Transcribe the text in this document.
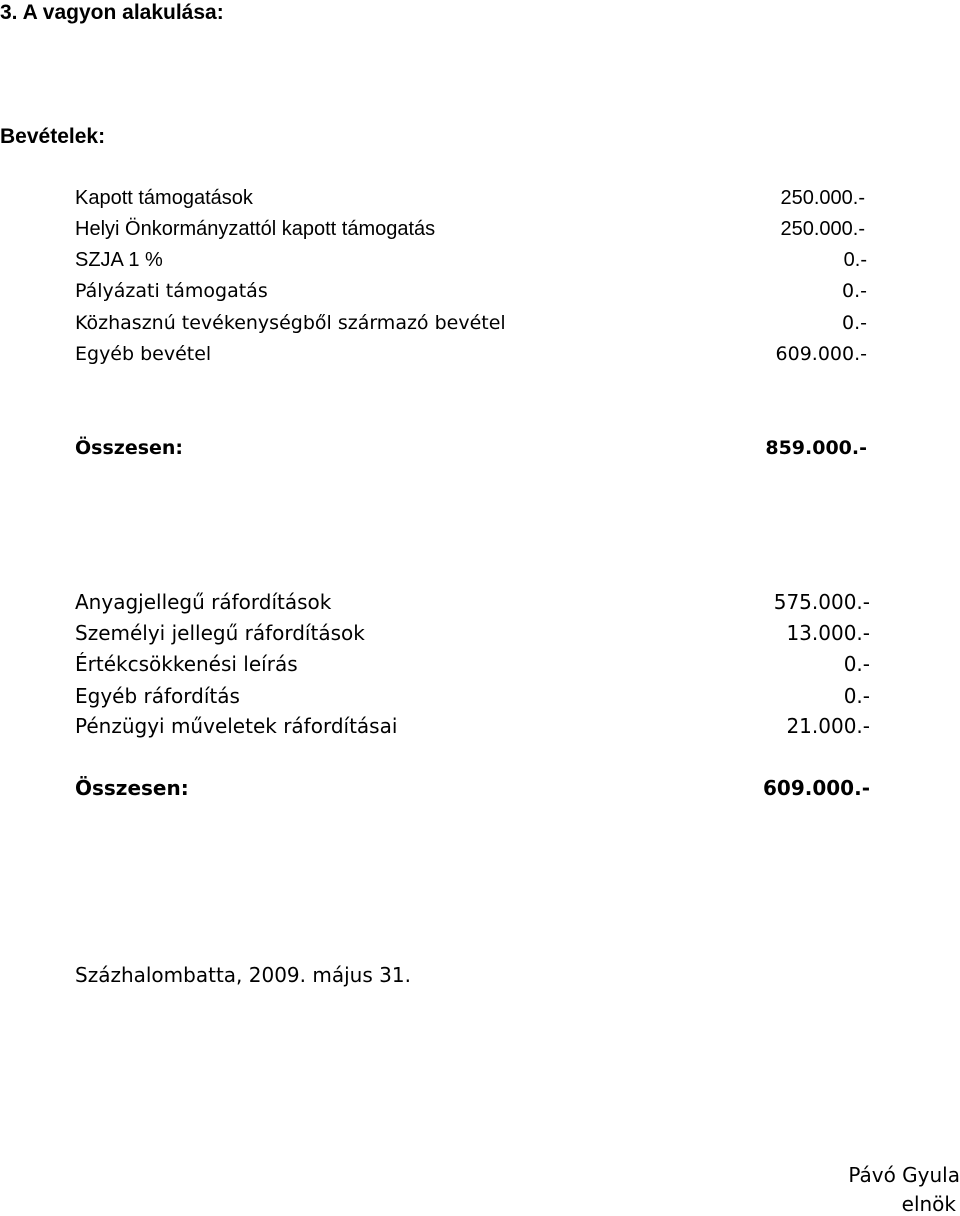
3. A vagyon alakulása:
Bevételek:
Kapott támogatások	250.000.-
Helyi Önkormányzattól kapott támogatás	250.000.-
SZJA 1 %	0.-
Pályázati támogatás	0.-
Közhasznú tevékenységből származó bevétel	0.-
Egyéb bevétel	609.000.-
Összesen:	859.000.-
Anyagjellegű ráfordítások	575.000.-
Személyi jellegű ráfordítások	13.000.-
Értékcsökkenési leírás	0.-
Egyéb ráfordítás	0.-
Pénzügyi műveletek ráfordításai	21.000.-
Összesen:	609.000.-
Százhalombatta, 2009. május 31.
Pávó Gyula
elnök
